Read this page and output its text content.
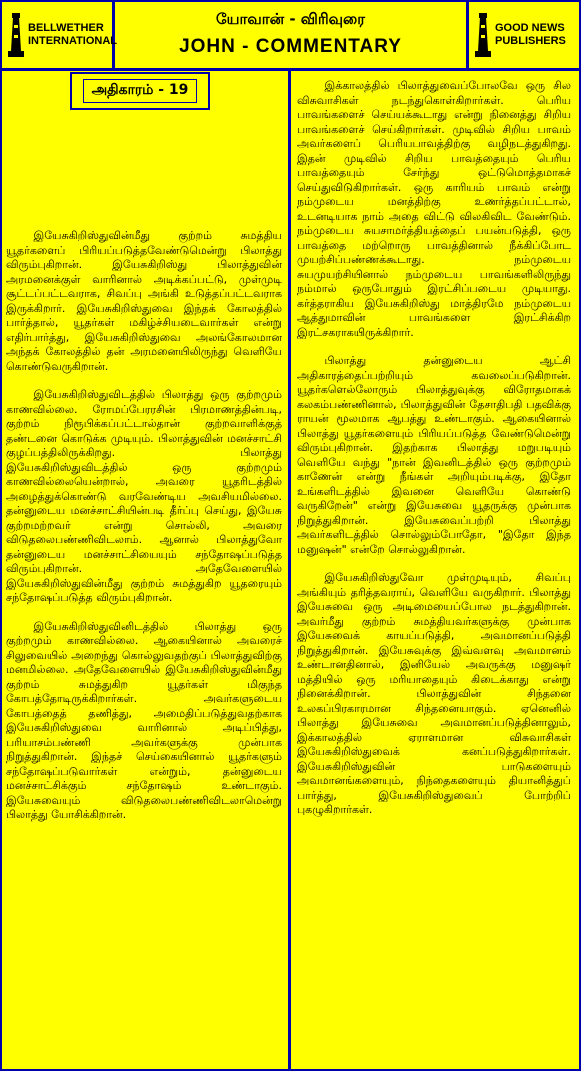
BELLWETHER INTERNATIONAL
யோவான் - விரிவுரை
JOHN - COMMENTARY
GOOD NEWS PUBLISHERS
அதிகாரம் - 19

இயேசுகிறிஸ்துவின்மீது குற்றம் சுமத்திய யூதர்களைப் பிரியப்படுத்தவேண்டுமென்று பிலாத்து விரும்புகிறான். இயேசுகிறிஸ்து பிலாத்துவின் அரமனைக்குள் வாரினால் அடிக்கப்பட்டு, முள்முடி சூட்டப்பட்டவராக, சிவப்பு அங்கி உடுத்தப்பட்டவராக இருக்கிறார். இயேசுகிறிஸ்துவை இந்தக் கோலத்தில் பார்த்தால், யூதர்கள் மகிழ்ச்சியடைவார்கள் என்று எதிர்பார்த்து, இயேசுகிறிஸ்துவை அலங்கோலமான அந்தக் கோலத்தில் தன் அரமனையிலிருந்து வெளியே கொண்டுவருகிறான்.

இயேசுகிறிஸ்துவிடத்தில் பிலாத்து ஒரு குற்றமும் காணவில்லை. ரோமப்பேரரசின் பிரமாணத்தின்படி, குற்றம் நிரூபிக்கப்பட்டால்தான் குற்றவாளிக்குத் தண்டனை கொடுக்க முடியும். பிலாத்துவின் மனச்சாட்சி குழப்பத்திலிருக்கிறது. பிலாத்து இயேசுகிறிஸ்துவிடத்தில் ஒரு குற்றமும் காணவில்லையென்றால், அவரை யூதரிடத்தில் அழைத்துக்கொண்டு வரவேண்டிய அவசியமில்லை. தன்னுடைய மனச்சாட்சியின்படி தீர்ப்பு செய்து, இயேசு குற்றமற்றவர் என்று சொல்லி, அவரை விடுதலைபண்ணிவிடலாம். ஆனால் பிலாத்துவோ தன்னுடைய மனச்சாட்சியையும் சந்தோஷப்படுத்த விரும்புகிறான். அதேவேளையில் இயேசுகிறிஸ்துவின்மீது குற்றம் சுமத்துகிற யூதரையும் சந்தோஷப்படுத்த விரும்புகிறான்.

இயேசுகிறிஸ்துவினிடத்தில் பிலாத்து ஒரு குற்றமும் காணவில்லை. ஆகையினால் அவரைச் சிலுவையில் அறைந்து கொல்லுவதற்குப் பிலாத்துவிற்கு மனமில்லை. அதேவேளையில் இயேசுகிறிஸ்துவின்மீது குற்றம் சுமத்துகிற யூதர்கள் மிகுந்த கோபத்தோடிருக்கிறார்கள். அவர்களுடைய கோபத்தைத் தணித்து, அமைதிப்படுத்துவதற்காக இயேசுகிறிஸ்துவை வாரினால் அடிப்பித்து, பரியாசம்பண்ணி அவர்களுக்கு முன்பாக நிறுத்துகிறான். இந்தச் செய்கையினால் யூதர்களும் சந்தோஷப்படுவார்கள் என்றும், தன்னுடைய மனச்சாட்சிக்கும் சந்தோஷம் உண்டாகும். இயேசுவையும் விடுதலைபண்ணிவிடலாமென்று பிலாத்து யோசிக்கிறான்.

இக்காலத்தில் பிலாத்துவைப்போலவே ஒரு சில விசுவாசிகள் நடந்துகொள்கிறார்கள். பெரிய பாவங்களைச் செய்யக்கூடாது என்று நினைத்து சிறிய பாவங்களைச் செய்கிறார்கள். முடிவில் சிறிய பாவம் அவர்களைப் பெரியபாவத்திற்கு வழிநடத்துகிறது. இதன் முடிவில் சிறிய பாவத்தையும் பெரிய பாவத்தையும் சேர்ந்து ஒட்டுமொத்தமாகச் செய்துவிடுகிறார்கள். ஒரு காரியம் பாவம் என்று நம்முடைய மனத்திற்கு உணர்த்தப்பட்டால், உடனடியாக நாம் அதை விட்டு விலகிவிட வேண்டும். நம்முடைய சுயசாமர்த்தியத்தைப் பயன்படுத்தி, ஒரு பாவத்தை மற்றொரு பாவத்தினால் நீக்கிப்போட முயற்சிப்பண்ணக்கூடாது. நம்முடைய சுயமுயற்சியினால் நம்முடைய பாவங்களிலிருந்து நம்மால் ஒருபோதும் இரட்சிப்படைய முடியாது. கர்த்தராகிய இயேசுகிறிஸ்து மாத்திரமே நம்முடைய ஆத்துமாவின் பாவங்களை இரட்சிக்கிற இரட்சகராகயிருக்கிறார்.

பிலாத்து தன்னுடைய ஆட்சி அதிகாரத்தைப்பற்றியும் கவலைப்படுகிறான். யூதர்களெல்லோரும் பிலாத்துவுக்கு விரோதமாகக் கலகம்பண்ணினால், பிலாத்துவின் தேசாதிபதி பதவிக்கு ராயன் மூலமாக ஆபத்து உண்டாகும். ஆகையினால் பிலாத்து யூதர்களையும் பிரியப்படுத்த வேண்டுமென்று விரும்புகிறான். இதற்காக பிலாத்து மறுபடியும் வெளியே வந்து "நான் இவனிடத்தில் ஒரு குற்றமும் காணேன் என்று நீங்கள் அறியும்படிக்கு, இதோ உங்களிடத்தில் இவனை வெளியே கொண்டு வருகிறேன்" என்று இயேசுவை யூதருக்கு முன்பாக நிறுத்துகிறான். இயேசுவைப்பற்றி பிலாத்து அவர்களிடத்தில் சொல்லும்போதோ, "இதோ இந்த மனுஷன்" என்றே சொல்லுகிறான்.

இயேசுகிறிஸ்துவோ முள்முடியும், சிவப்பு அங்கியும் தரித்தவராய், வெளியே வருகிறார். பிலாத்து இயேசுவை ஒரு அடிமையைப்போல நடத்துகிறான். அவர்மீது குற்றம் சுமத்தியவர்களுக்கு முன்பாக இயேசுவைக் காயப்படுத்தி, அவமானப்படுத்தி நிறுத்துகிறான். இயேசுவுக்கு இவ்வளவு அவமானம் உண்டானதினால், இனியேல் அவருக்கு மனுஷர் மத்தியில் ஒரு மரியாதையும் கிடைக்காது என்று நினைக்கிறான். பிலாத்துவின் சிந்தனை உலகப்பிரகாரமான சிந்தனையாகும். ஏனெனில் பிலாத்து இயேசுவை அவமானப்படுத்தினாலும், இக்காலத்தில் ஏராளமான விசுவாசிகள் இயேசுகிறிஸ்துவைக் கனப்படுத்துகிறார்கள். இயேசுகிறிஸ்துவின் பாடுகளையும் அவமானங்களையும், நிந்தைகளையும் தியானித்துப் பார்த்து, இயேசுகிறிஸ்துவைப் போற்றிப் புகழுகிறார்கள்.
